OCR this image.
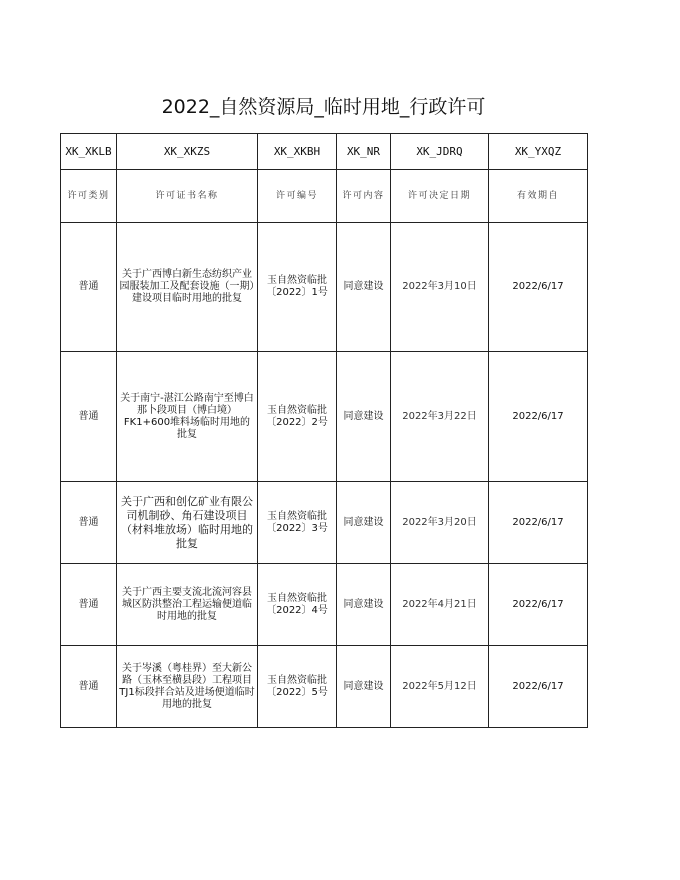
2022_自然资源局_临时用地_行政许可
XK_XKLB	XK_XKZS	XK_XKBH	XK_NR	XK_JDRQ	XK_YXQZ
许可类别	许可证书名称	许可编号	许可内容	许可决定日期	有效期自
普通	关于广西博白新生态纺织产业园服装加工及配套设施（一期）建设项目临时用地的批复	玉自然资临批〔2022〕1号	同意建设	2022年3月10日	2022/6/17
普通	关于南宁-湛江公路南宁至博白那卜段项目（博白境）FK1+600堆料场临时用地的批复	玉自然资临批〔2022〕2号	同意建设	2022年3月22日	2022/6/17
普通	关于广西和创亿矿业有限公司机制砂、角石建设项目（材料堆放场）临时用地的批复	玉自然资临批〔2022〕3号	同意建设	2022年3月20日	2022/6/17
普通	关于广西主要支流北流河容县城区防洪整治工程运输便道临时用地的批复	玉自然资临批〔2022〕4号	同意建设	2022年4月21日	2022/6/17
普通	关于岑溪（粤桂界）至大新公路（玉林至横县段）工程项目TJ1标段拌合站及进场便道临时用地的批复	玉自然资临批〔2022〕5号	同意建设	2022年5月12日	2022/6/17
